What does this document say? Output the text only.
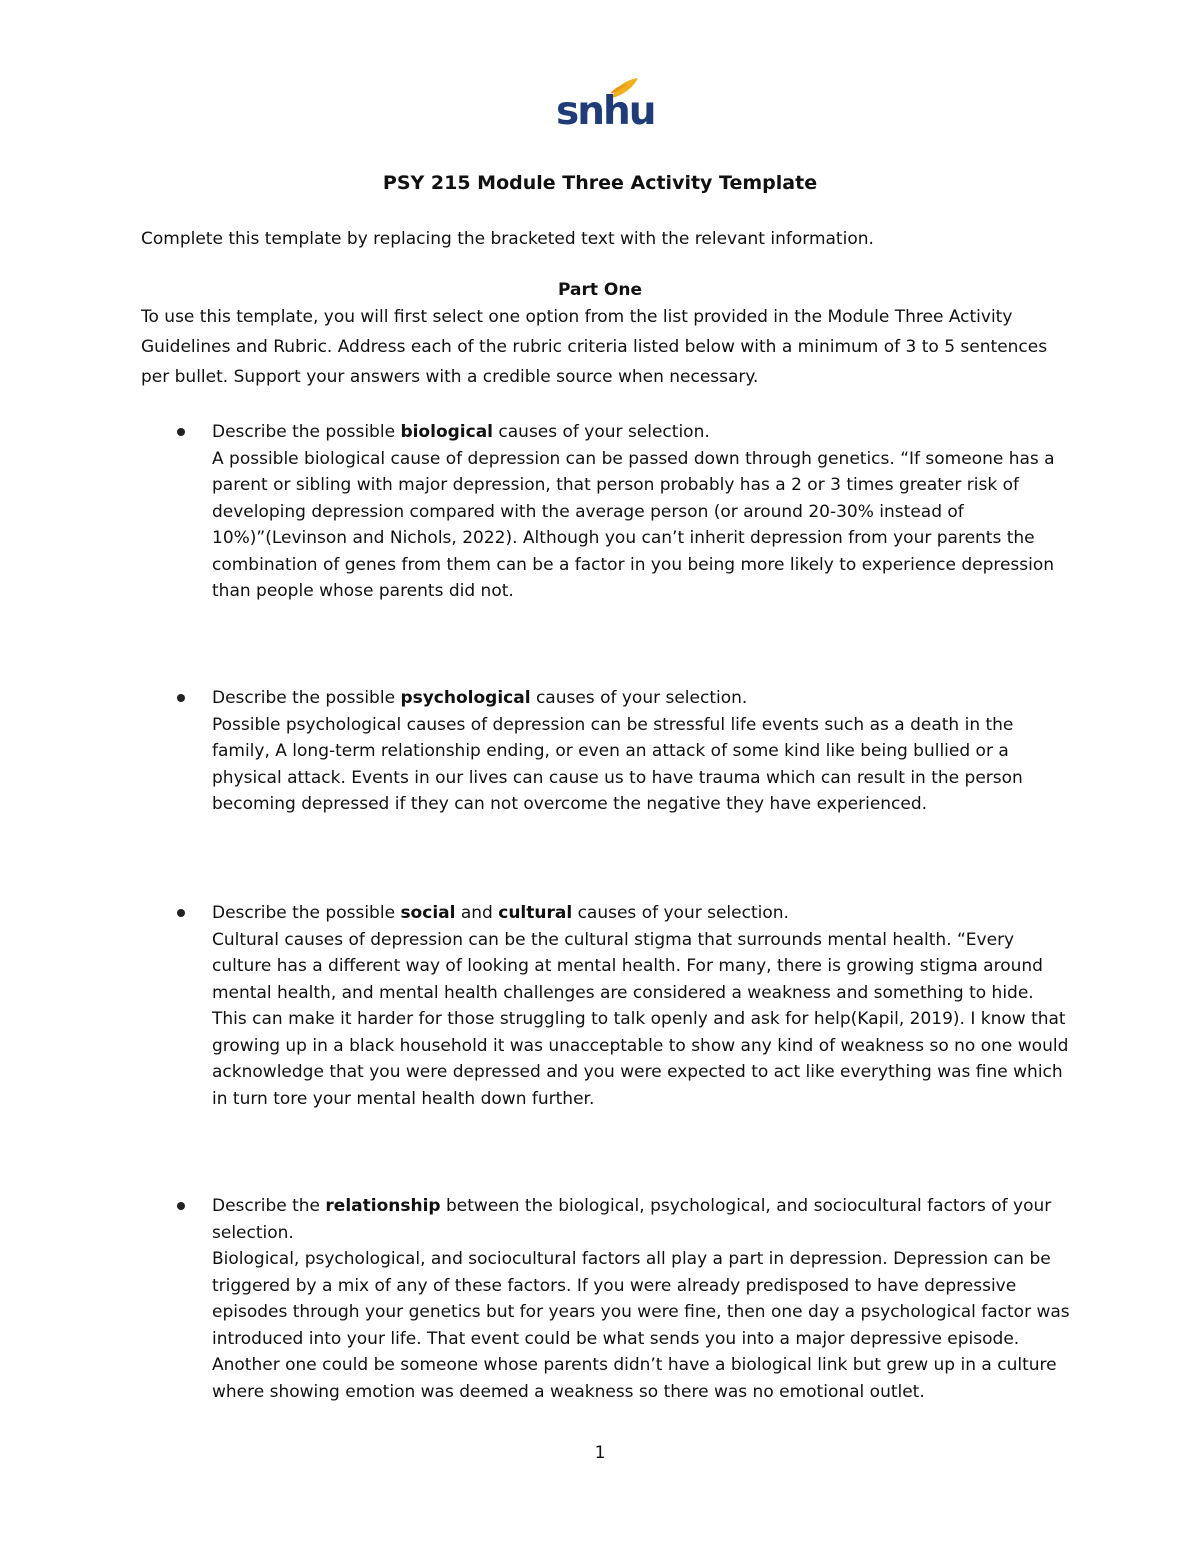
snhu
PSY 215 Module Three Activity Template
Complete this template by replacing the bracketed text with the relevant information.
Part One
To use this template, you will first select one option from the list provided in the Module Three Activity Guidelines and Rubric. Address each of the rubric criteria listed below with a minimum of 3 to 5 sentences per bullet. Support your answers with a credible source when necessary.

Describe the possible biological causes of your selection.

A possible biological cause of depression can be passed down through genetics. “If someone has a parent or sibling with major depression, that person probably has a 2 or 3 times greater risk of developing depression compared with the average person (or around 20-30% instead of 10%)”(Levinson and Nichols, 2022). Although you can’t inherit depression from your parents the combination of genes from them can be a factor in you being more likely to experience depression than people whose parents did not.

Describe the possible psychological causes of your selection.

Possible psychological causes of depression can be stressful life events such as a death in the family, A long-term relationship ending, or even an attack of some kind like being bullied or a physical attack. Events in our lives can cause us to have trauma which can result in the person becoming depressed if they can not overcome the negative they have experienced.

Describe the possible social and cultural causes of your selection.

Cultural causes of depression can be the cultural stigma that surrounds mental health. “Every culture has a different way of looking at mental health. For many, there is growing stigma around mental health, and mental health challenges are considered a weakness and something to hide. This can make it harder for those struggling to talk openly and ask for help(Kapil, 2019). I know that growing up in a black household it was unacceptable to show any kind of weakness so no one would acknowledge that you were depressed and you were expected to act like everything was fine which in turn tore your mental health down further.

Describe the relationship between the biological, psychological, and sociocultural factors of your selection.

Biological, psychological, and sociocultural factors all play a part in depression. Depression can be triggered by a mix of any of these factors. If you were already predisposed to have depressive episodes through your genetics but for years you were fine, then one day a psychological factor was introduced into your life. That event could be what sends you into a major depressive episode. Another one could be someone whose parents didn’t have a biological link but grew up in a culture where showing emotion was deemed a weakness so there was no emotional outlet.

1
